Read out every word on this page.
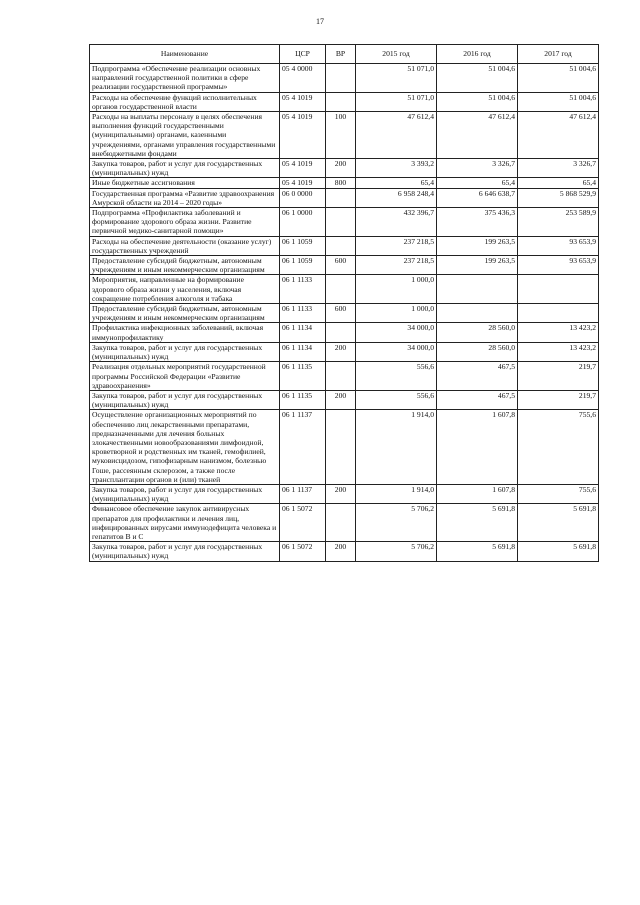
17
Наименование	ЦСР	ВР	2015 год	2016 год	2017 год
Подпрограмма «Обеспечение реализации основных направлений государственной политики в сфере реализации государственной программы»	05 4 0000		51 071,0	51 004,6	51 004,6
Расходы на обеспечение функций исполнительных органов государственной власти	05 4 1019		51 071,0	51 004,6	51 004,6
Расходы на выплаты персоналу в целях обеспечения выполнения функций государственными (муниципальными) органами, казенными учреждениями, органами управления государственными внебюджетными фондами	05 4 1019	100	47 612,4	47 612,4	47 612,4
Закупка товаров, работ и услуг для государственных (муниципальных) нужд	05 4 1019	200	3 393,2	3 326,7	3 326,7
Иные бюджетные ассигнования	05 4 1019	800	65,4	65,4	65,4
Государственная программа «Развитие здравоохранения Амурской области на 2014 – 2020 годы»	06 0 0000		6 958 248,4	6 646 638,7	5 868 529,9
Подпрограмма «Профилактика заболеваний и формирование здорового образа жизни. Развитие первичной медико-санитарной помощи»	06 1 0000		432 396,7	375 436,3	253 589,9
Расходы на обеспечение деятельности (оказание услуг) государственных учреждений	06 1 1059		237 218,5	199 263,5	93 653,9
Предоставление субсидий бюджетным, автономным учреждениям и иным некоммерческим организациям	06 1 1059	600	237 218,5	199 263,5	93 653,9
Мероприятия, направленные на формирование здорового образа жизни у населения, включая сокращение потребления алкоголя и табака	06 1 1133		1 000,0		
Предоставление субсидий бюджетным, автономным учреждениям и иным некоммерческим организациям	06 1 1133	600	1 000,0		
Профилактика инфекционных заболеваний, включая иммунопрофилактику	06 1 1134		34 000,0	28 560,0	13 423,2
Закупка товаров, работ и услуг для государственных (муниципальных) нужд	06 1 1134	200	34 000,0	28 560,0	13 423,2
Реализация отдельных мероприятий государственной программы Российской Федерации «Развитие здравоохранения»	06 1 1135		556,6	467,5	219,7
Закупка товаров, работ и услуг для государственных (муниципальных) нужд	06 1 1135	200	556,6	467,5	219,7
Осуществление организационных мероприятий по обеспечению лиц лекарственными препаратами, предназначенными для лечения больных злокачественными новообразованиями лимфоидной, кроветворной и родственных им тканей, гемофилией, муковисцидозом, гипофизарным нанизмом, болезнью Гоше, рассеянным склерозом, а также после трансплантации органов и (или) тканей	06 1 1137		1 914,0	1 607,8	755,6
Закупка товаров, работ и услуг для государственных (муниципальных) нужд	06 1 1137	200	1 914,0	1 607,8	755,6
Финансовое обеспечение закупок антивирусных препаратов для профилактики и лечения лиц, инфицированных вирусами иммунодефицита человека и гепатитов В и С	06 1 5072		5 706,2	5 691,8	5 691,8
Закупка товаров, работ и услуг для государственных (муниципальных) нужд	06 1 5072	200	5 706,2	5 691,8	5 691,8
